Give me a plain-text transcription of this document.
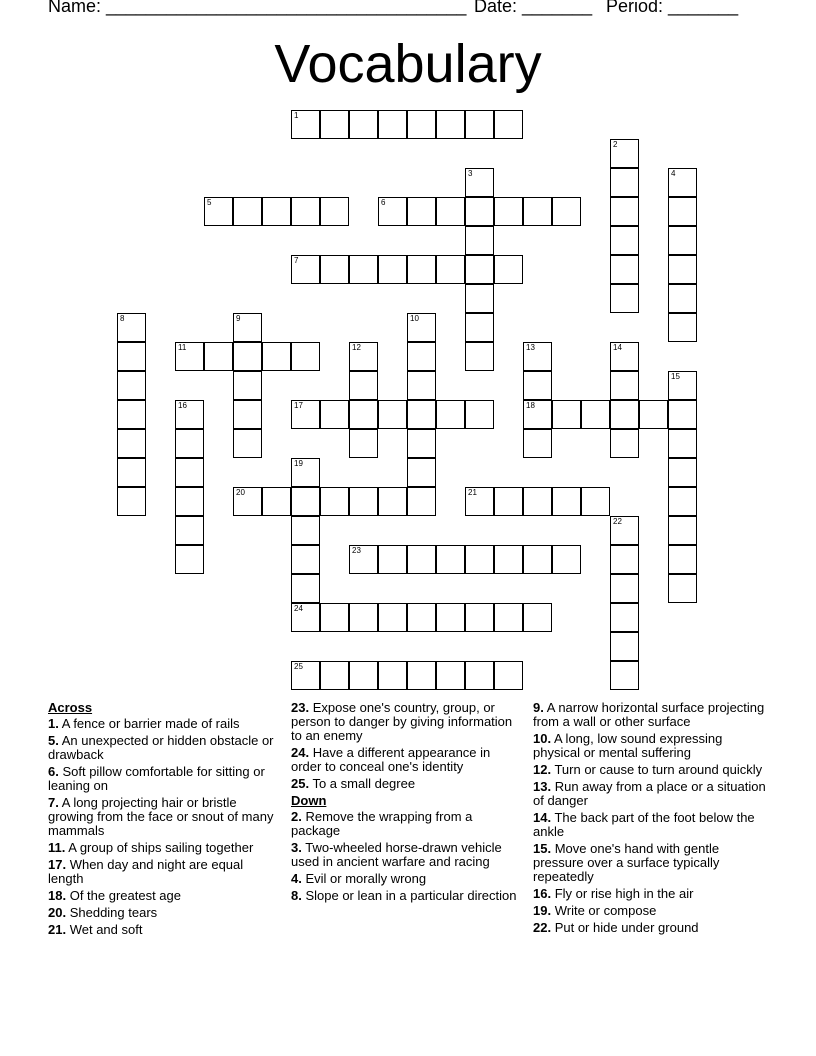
Name: ____________________________________ Date: _______ Period: _______
Vocabulary
1
2
3	4
5	6
7
8	9	10
11	12	13
18
14
15
16	17
19
24
20	21
22
23
25
Across
1. A fence or barrier made of rails
5. An unexpected or hidden obstacle or drawback
6. Soft pillow comfortable for sitting or leaning on
7. A long projecting hair or bristle growing from the face or snout of many mammals
11. A group of ships sailing together
17. When day and night are equal length
18. Of the greatest age
20. Shedding tears
21. Wet and soft
23. Expose one's country, group, or person to danger by giving information to an enemy
24. Have a different appearance in order to conceal one's identity
25. To a small degree
Down
2. Remove the wrapping from a package
3. Two-wheeled horse-drawn vehicle used in ancient warfare and racing
4. Evil or morally wrong
8. Slope or lean in a particular direction
9. A narrow horizontal surface projecting from a wall or other surface
10. A long, low sound expressing physical or mental suffering
12. Turn or cause to turn around quickly
13. Run away from a place or a situation of danger
14. The back part of the foot below the ankle
15. Move one's hand with gentle pressure over a surface typically repeatedly
16. Fly or rise high in the air
19. Write or compose
22. Put or hide under ground
